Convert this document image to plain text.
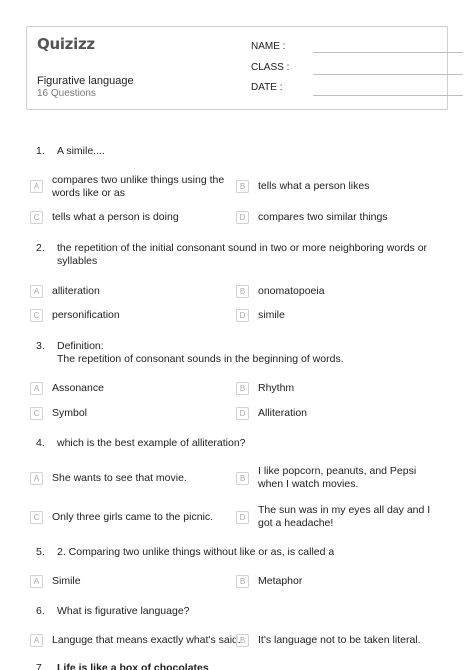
Quizizz
Figurative language
16 Questions
NAME :
CLASS :
DATE :
1.	A simile....
A
compares two unlike things using the words like or as
B	tells what a person likes
C	tells what a person is doing	D	compares two similar things
2.	the repetition of the initial consonant sound in two or more neighboring words or syllables
A	alliteration	B	onomatopoeia
C	personification	D	simile
3.	Definition:
The repetition of consonant sounds in the beginning of words.
A	Assonance	B	Rhythm
C	Symbol	D	Alliteration
4.	which is the best example of alliteration?
A	She wants to see that movie.	B
I like popcorn, peanuts, and Pepsi when I watch movies.
C	Only three girls came to the picnic.	D
The sun was in my eyes all day and I got a headache!
5.	2. Comparing two unlike things without like or as, is called a
A	Simile	B	Metaphor
6.	What is figurative language?
A	Languge that means exactly what's said. B	It's language not to be taken literal.
7.	Life is like a box of chocolates
